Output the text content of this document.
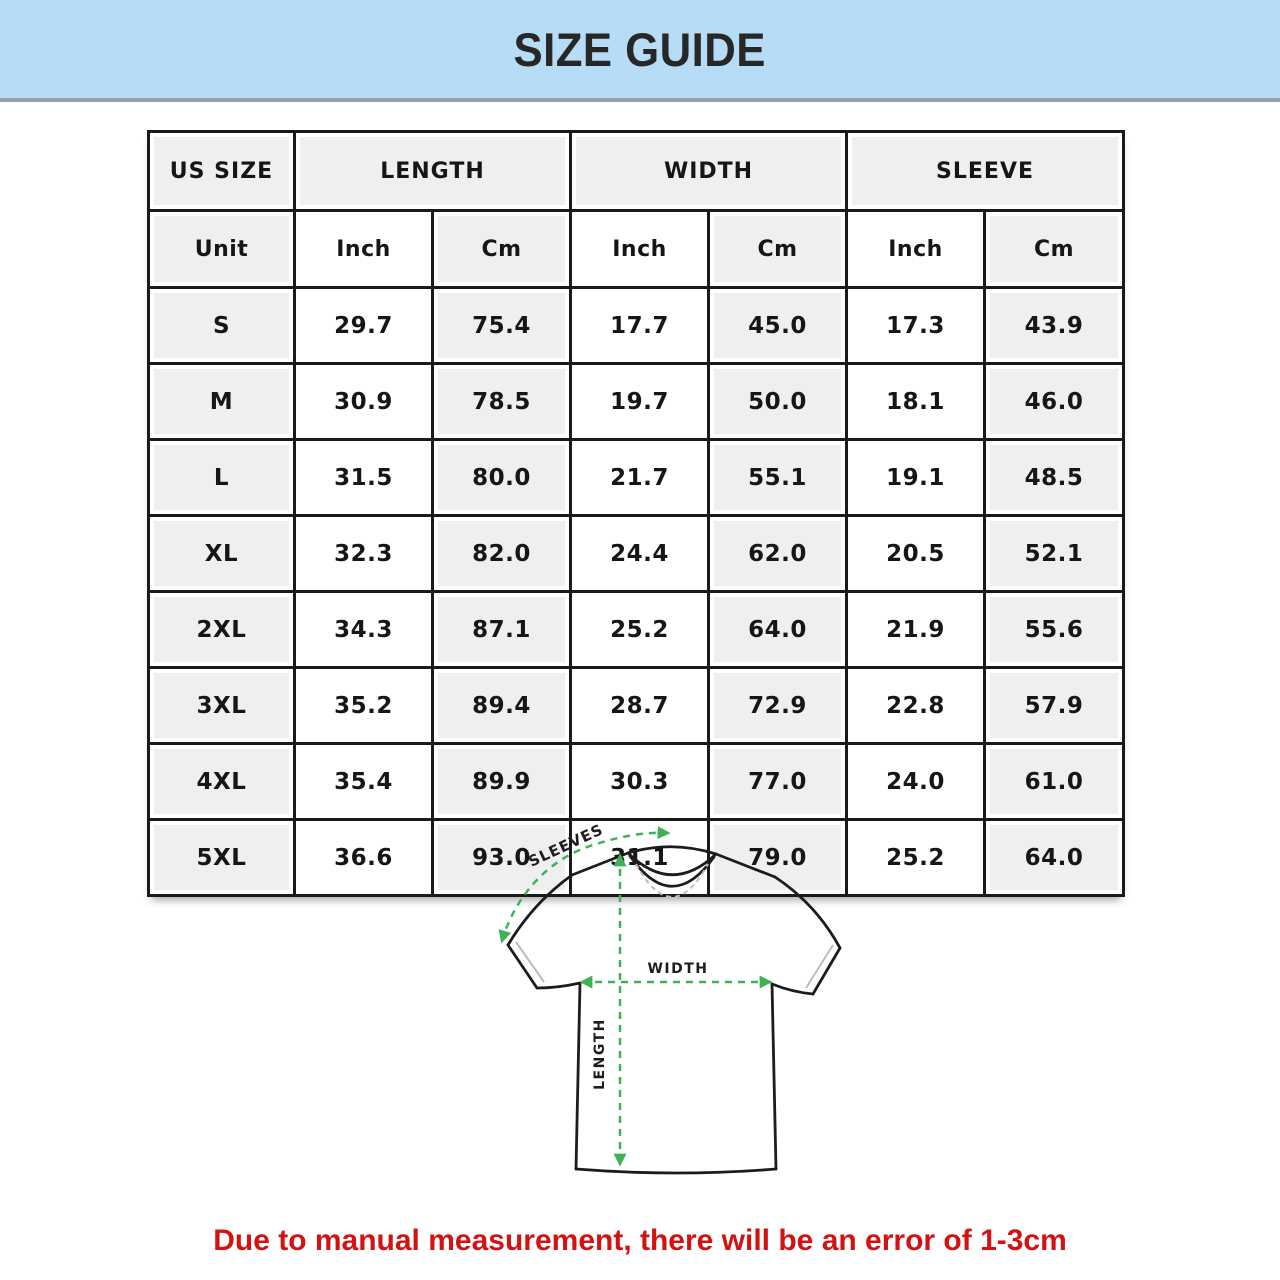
SIZE GUIDE
US SIZE	LENGTH		WIDTH		SLEEVE	

Unit	Inch	Cm	Inch	Cm	Inch	Cm

S	29.7	75.4	17.7	45.0	17.3	43.9

M	30.9	78.5	19.7	50.0	18.1	46.0

L	31.5	80.0	21.7	55.1	19.1	48.5

XL	32.3	82.0	24.4	62.0	20.5	52.1

2XL	34.3	87.1	25.2	64.0	21.9	55.6

3XL	35.2	89.4	28.7	72.9	22.8	57.9

4XL	35.4	89.9	30.3	77.0	24.0	61.0

5XL	36.6	93.0	31.1	79.0	25.2	64.0
SLEEVES
WIDTH
LENGTH
Due to manual measurement, there will be an error of 1-3cm
